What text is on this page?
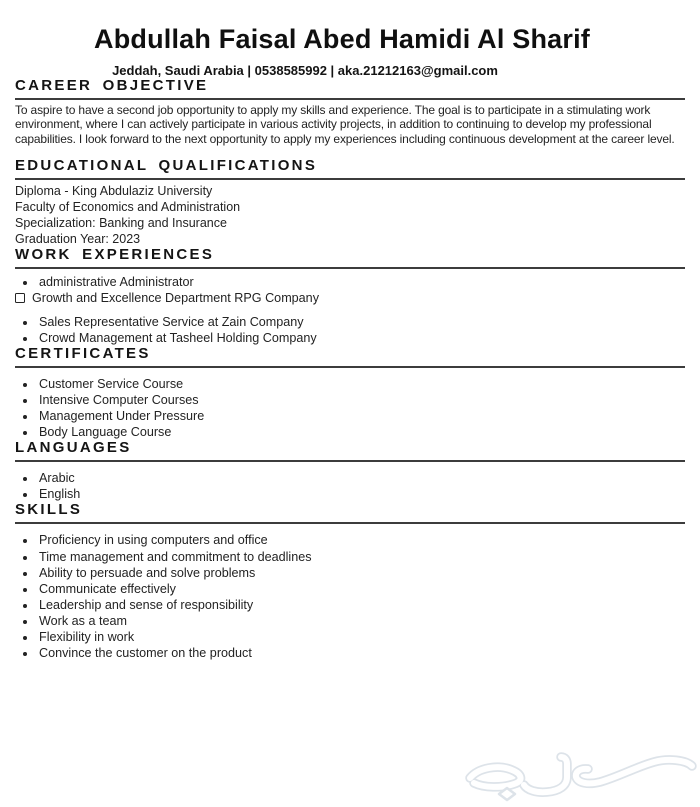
Abdullah Faisal Abed Hamidi Al Sharif
Jeddah, Saudi Arabia | 0538585992 | aka.21212163@gmail.com
CAREER OBJECTIVE

To aspire to have a second job opportunity to apply my skills and experience. The goal is to participate in a stimulating work environment, where I can actively participate in various activity projects, in addition to continuing to develop my professional capabilities. I look forward to the next opportunity to apply my experiences including continuous development at the career level.

EDUCATIONAL QUALIFICATIONS
Diploma - King Abdulaziz University
Faculty of Economics and Administration
Specialization: Banking and Insurance
Graduation Year: 2023
WORK EXPERIENCES
• administrative Administrator
Growth and Excellence Department RPG Company
• Sales Representative Service at Zain Company
• Crowd Management at Tasheel Holding Company
CERTIFICATES
• Customer Service Course
• Intensive Computer Courses
• Management Under Pressure
• Body Language Course
LANGUAGES
• Arabic
• English
SKILLS
• Proficiency in using computers and office
• Time management and commitment to deadlines
• Ability to persuade and solve problems
• Communicate effectively
• Leadership and sense of responsibility
• Work as a team
• Flexibility in work
• Convince the customer on the product
